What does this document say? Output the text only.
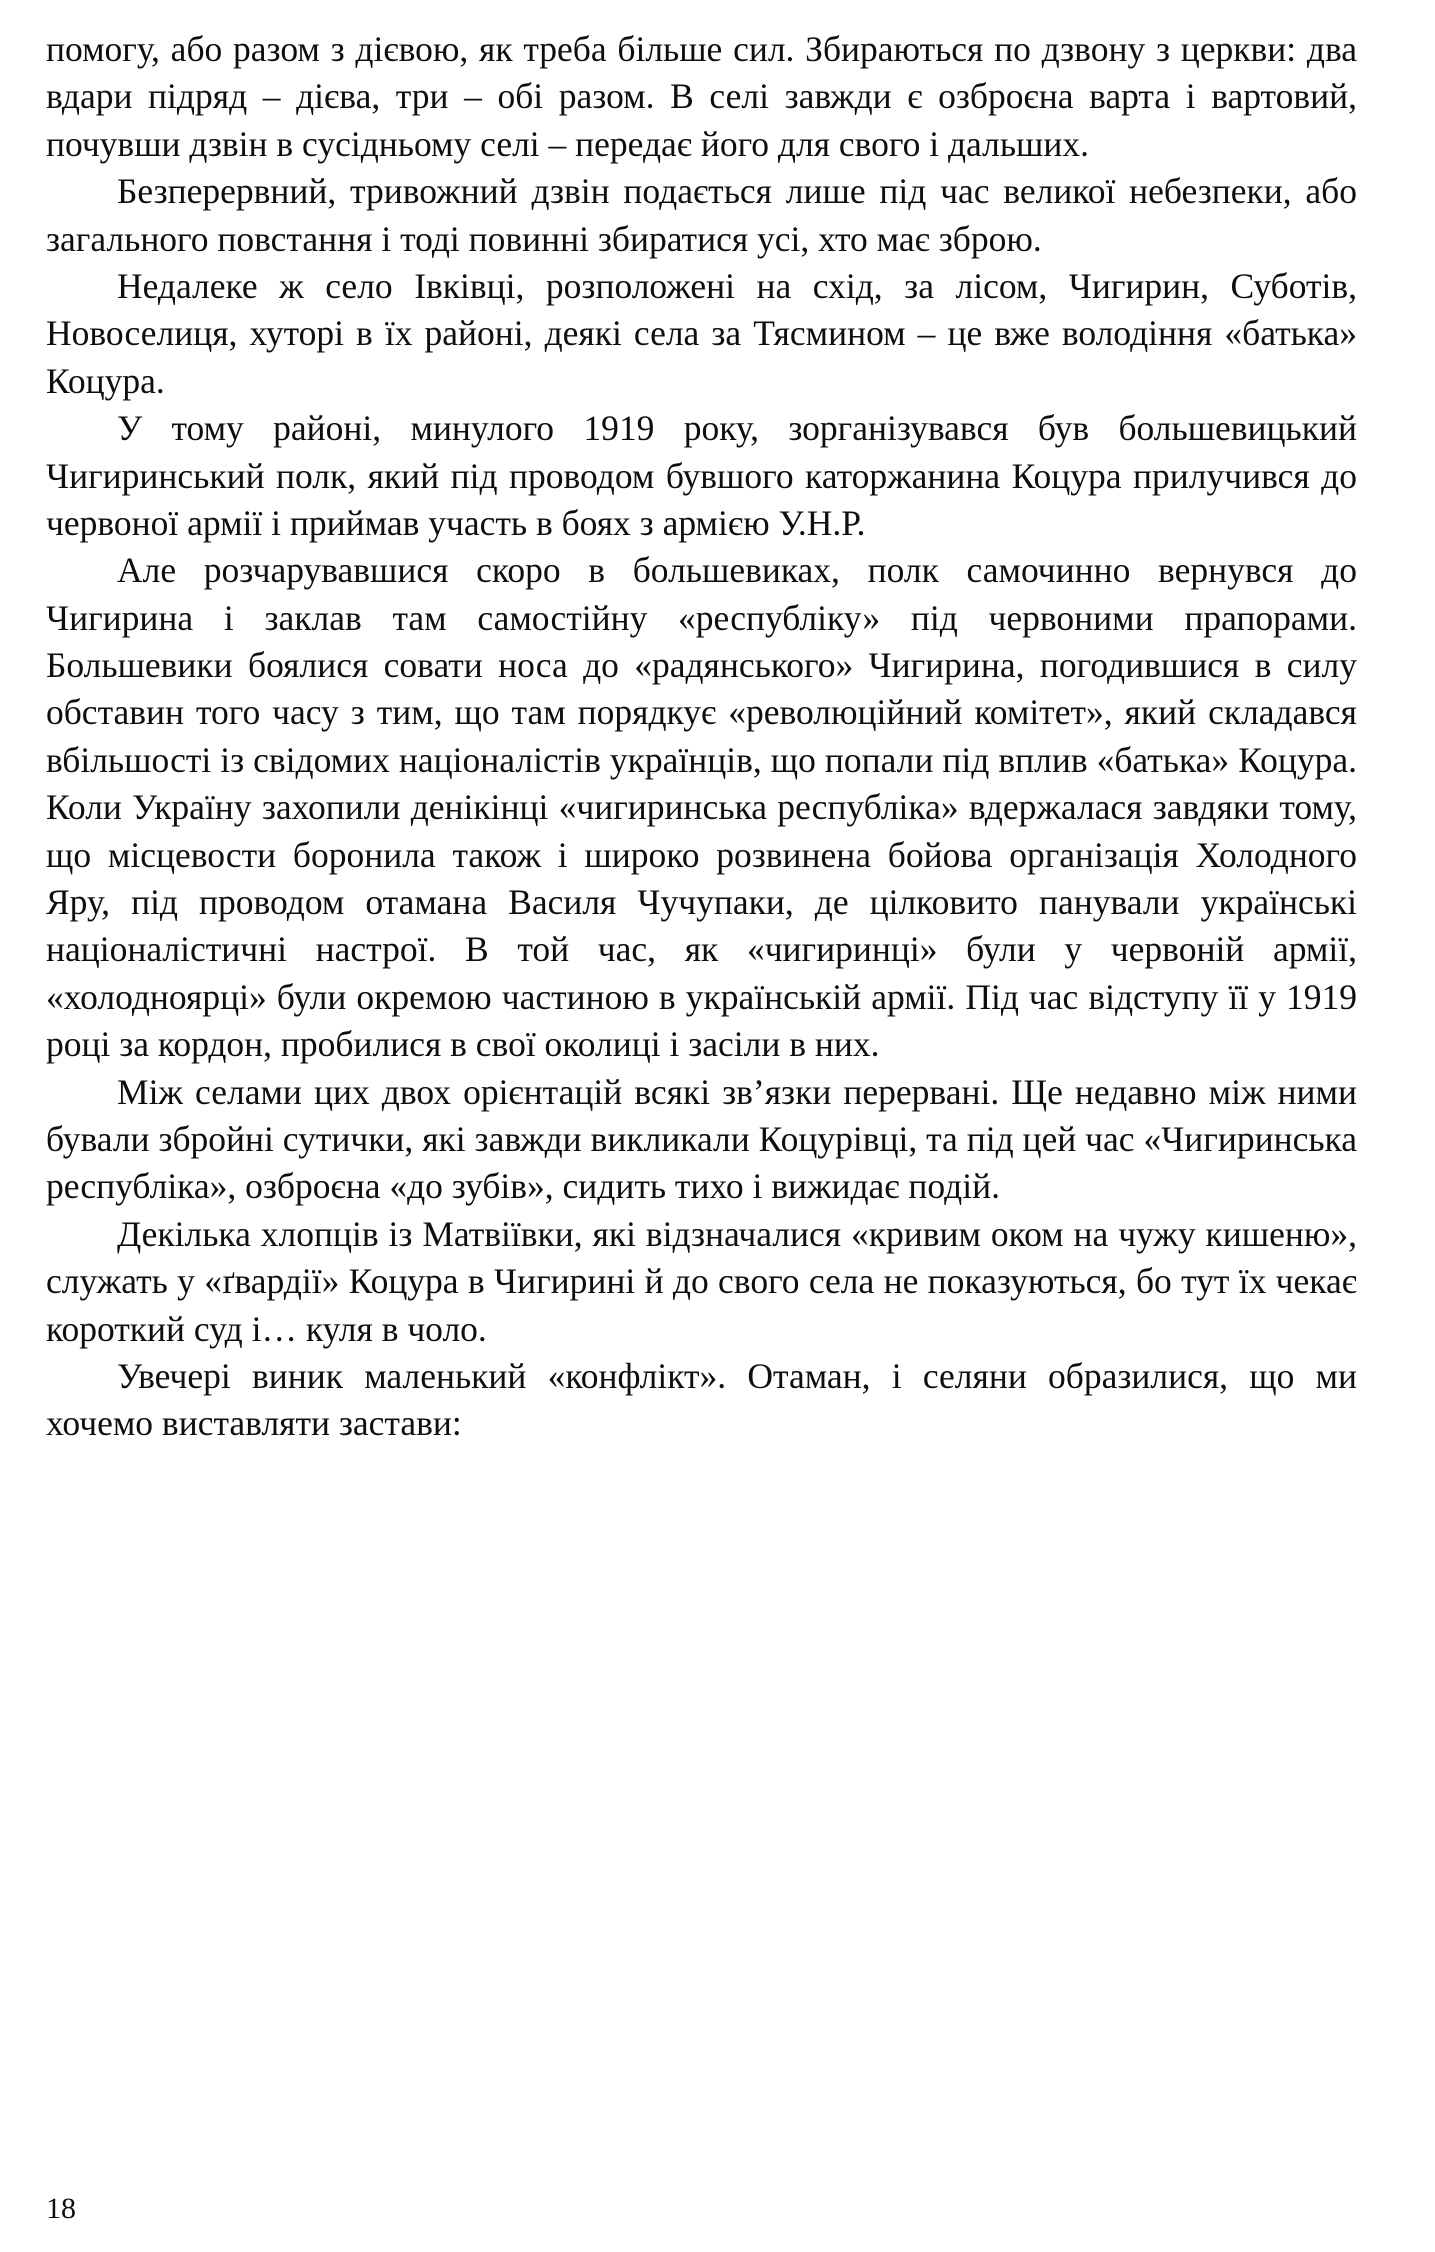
помогу, або разом з дієвою, як треба більше сил. Збираються по дзвону з церкви: два вдари підряд – дієва, три – обі разом. В селі завжди є озброєна варта і вартовий, почувши дзвін в сусідньому селі – передає його для свого і дальших.

Безперервний, тривожний дзвін подається лише під час великої небезпеки, або загального повстання і тоді повинні збиратися усі, хто має зброю.

Недалеке ж село Івківці, розположені на схід, за лісом, Чигирин, Суботів, Новоселиця, хуторі в їх районі, деякі села за Тясмином – це вже володіння «батька» Коцура.

У тому районі, минулого 1919 року, зорганізувався був большевицький Чигиринський полк, який під проводом бувшого каторжанина Коцура прилучився до червоної армії і приймав участь в боях з армією У.Н.Р.

Але розчарувавшися скоро в большевиках, полк самочинно вернувся до Чигирина і заклав там самостійну «республіку» під червоними прапорами. Большевики боялися совати носа до «радянського» Чигирина, погодившися в силу обставин того часу з тим, що там порядкує «революційний комітет», який складався вбільшості із свідомих націоналістів українців, що попали під вплив «батька» Коцура. Коли Україну захопили денікінці «чигиринська республіка» вдержалася завдяки тому, що місцевости боронила також і широко розвинена бойова організація Холодного Яру, під проводом отамана Василя Чучупаки, де цілковито панували українські націоналістичні настрої. В той час, як «чигиринці» були у червоній армії, «холодноярці» були окремою частиною в українській армії. Під час відступу її у 1919 році за кордон, пробилися в свої околиці і засіли в них.

Між селами цих двох орієнтацій всякі зв’язки перервані. Ще недавно між ними бували збройні сутички, які завжди викликали Коцурівці, та під цей час «Чигиринська республіка», озброєна «до зубів», сидить тихо і вижидає подій.

Декілька хлопців із Матвіївки, які відзначалися «кривим оком на чужу кишеню», служать у «ґвардії» Коцура в Чигирині й до свого села не показуються, бо тут їх чекає короткий суд і… куля в чоло.

Увечері виник маленький «конфлікт». Отаман, і селяни образилися, що ми хочемо виставляти застави:

18
